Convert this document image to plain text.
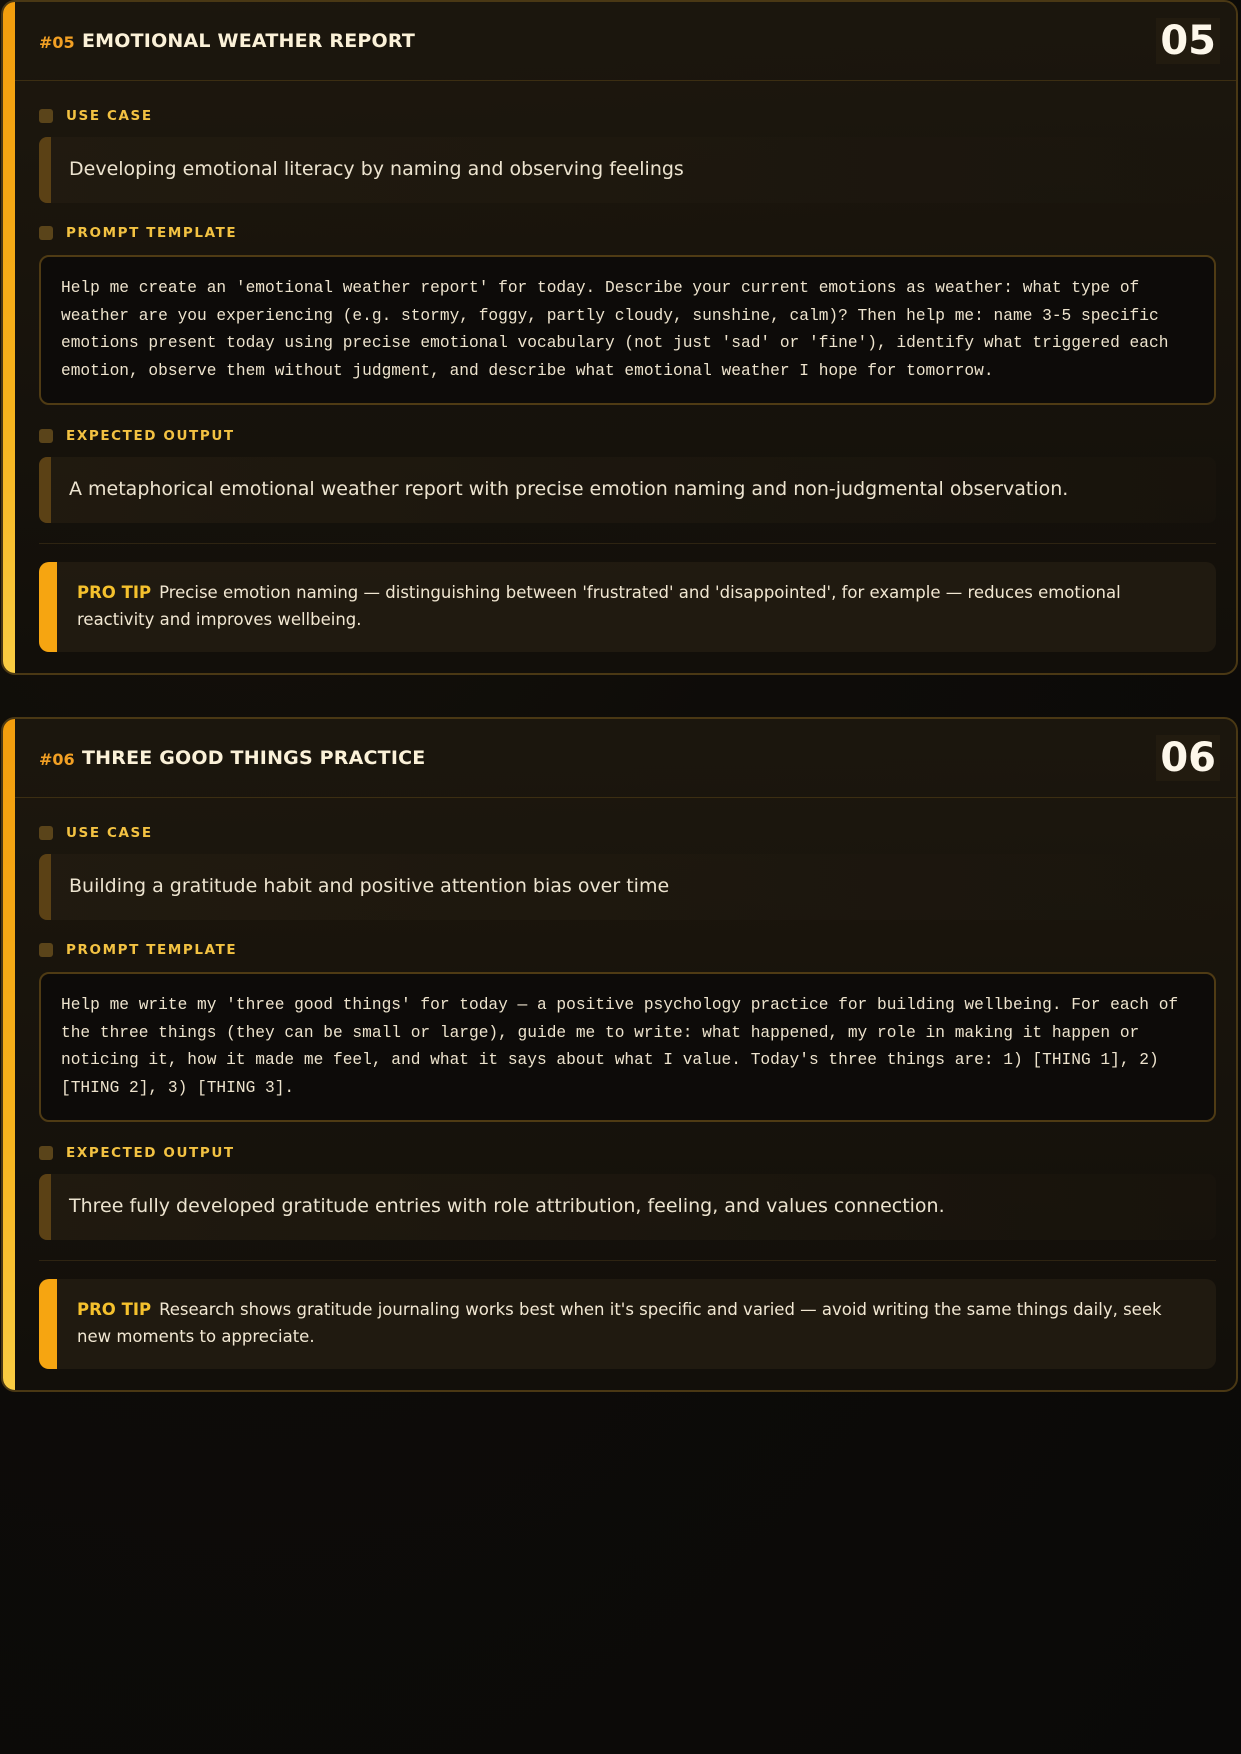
#05 EMOTIONAL WEATHER REPORT	05
USE CASE
Developing emotional literacy by naming and observing feelings
PROMPT TEMPLATE
Help me create an 'emotional weather report' for today. Describe your current emotions as weather: what type of weather are you experiencing (e.g. stormy, foggy, partly cloudy, sunshine, calm)? Then help me: name 3-5 specific emotions present today using precise emotional vocabulary (not just 'sad' or 'fine'), identify what triggered each emotion, observe them without judgment, and describe what emotional weather I hope for tomorrow.
EXPECTED OUTPUT
A metaphorical emotional weather report with precise emotion naming and non-judgmental observation.
PRO TIP Precise emotion naming — distinguishing between 'frustrated' and 'disappointed', for example — reduces emotional reactivity and improves wellbeing.
#06 THREE GOOD THINGS PRACTICE	06
USE CASE
Building a gratitude habit and positive attention bias over time
PROMPT TEMPLATE
Help me write my 'three good things' for today — a positive psychology practice for building wellbeing. For each of the three things (they can be small or large), guide me to write: what happened, my role in making it happen or noticing it, how it made me feel, and what it says about what I value. Today's three things are: 1) [THING 1], 2) [THING 2], 3) [THING 3].
EXPECTED OUTPUT
Three fully developed gratitude entries with role attribution, feeling, and values connection.
PRO TIP Research shows gratitude journaling works best when it's specific and varied — avoid writing the same things daily, seek new moments to appreciate.
